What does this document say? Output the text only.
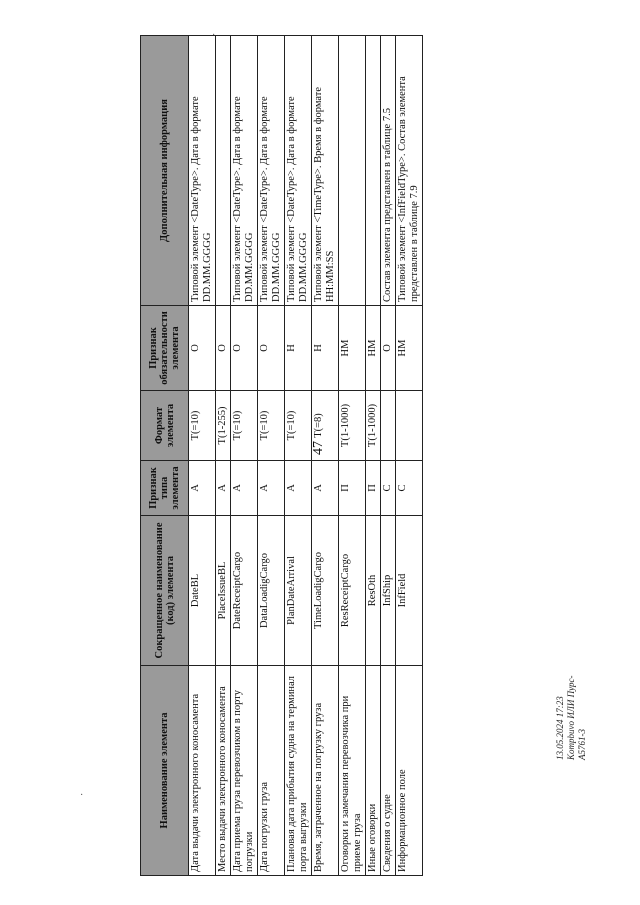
47
·
·	Наименование элемента	Сокращенное наименование (код) элемента	Признак типа элемента	Формат элемента	Признак обязательности элемента	Дополнительная информация
Дата выдачи электронного коносамента	DateBL	А	T(=10)	О	Типовой элемент <DateType>. Дата в формате DD.MM.GGGG
Место выдачи электронного коносамента	PlaceIssueBL	А	T(1-255)	О	
Дата приема груза перевозчиком в порту погрузки	DateReceiptCargo	А	T(=10)	О	Типовой элемент <DateType>. Дата в формате DD.MM.GGGG
Дата погрузки груза	DataLoadigCargo	А	T(=10)	О	Типовой элемент <DateType>. Дата в формате DD.MM.GGGG
Плановая дата прибытия судна на терминал порта выгрузки	PlanDateArrival	А	T(=10)	Н	Типовой элемент <DateType>. Дата в формате DD.MM.GGGG
Время, затраченное на погрузку груза	TimeLoadigCargo	А	T(=8)	Н	Типовой элемент <TimeType>. Время в формате HH:MM:SS
Оговорки и замечания перевозчика при приеме груза	ResReceiptCargo	П	T(1-1000)	НМ	
Иные оговорки	ResOth	П	T(1-1000)	НМ	
Сведения о судне	InfShip	С		О	Состав элемента представлен в таблице 7.5
Информационное поле	InfField	С		НМ	Типовой элемент <InfFieldType>. Состав элемента представлен в таблице 7.9
13.05.2024 17:23 Kompbuvo ИЛИ Пурс-А5761-3
